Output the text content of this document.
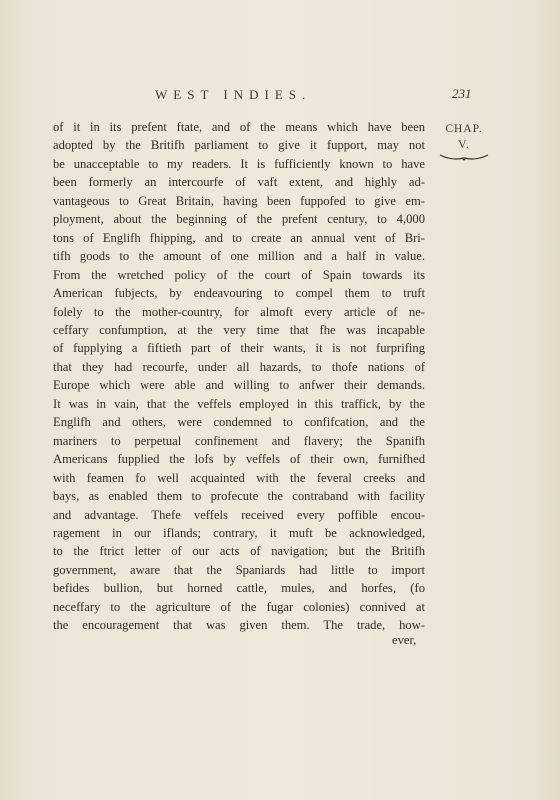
WEST INDIES.	231
CHAP.
V.
of it in its prefent ftate, and of the means which have been
adopted by the Britifh parliament to give it fupport, may not
be unacceptable to my readers. It is fufficiently known to have
been formerly an intercourfe of vaft extent, and highly ad-
vantageous to Great Britain, having been fuppofed to give em-
ployment, about the beginning of the prefent century, to 4,000
tons of Englifh fhipping, and to create an annual vent of Bri-
tifh goods to the amount of one million and a half in value.
From the wretched policy of the court of Spain towards its
American fubjects, by endeavouring to compel them to truft
folely to the mother-country, for almoft every article of ne-
ceffary confumption, at the very time that fhe was incapable
of fupplying a fiftieth part of their wants, it is not furprifing
that they had recourfe, under all hazards, to thofe nations of
Europe which were able and willing to anfwer their demands.
It was in vain, that the veffels employed in this traffick, by the
Englifh and others, were condemned to confifcation, and the
mariners to perpetual confinement and flavery; the Spanifh
Americans fupplied the lofs by veffels of their own, furnifhed
with feamen fo well acquainted with the feveral creeks and
bays, as enabled them to profecute the contraband with facility
and advantage. Thefe veffels received every poffible encou-
ragement in our iflands; contrary, it muft be acknowledged,
to the ftrict letter of our acts of navigation; but the Britifh
government, aware that the Spaniards had little to import
befides bullion, but horned cattle, mules, and horfes, (fo
neceffary to the agriculture of the fugar colonies) connived at
the encouragement that was given them. The trade, how-
ever,
